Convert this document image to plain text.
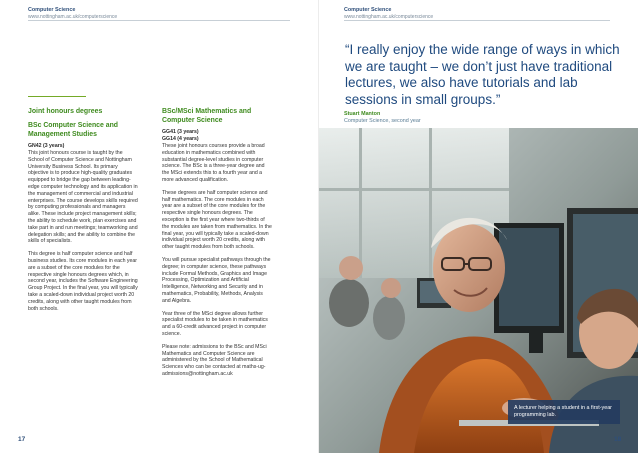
Computer Science
www.nottingham.ac.uk/computerscience
Computer Science
www.nottingham.ac.uk/computerscience
Joint honours degrees
BSc Computer Science and Management Studies
GN42 (3 years)

This joint honours course is taught by the School of Computer Science and Nottingham University Business School. Its primary objective is to produce high-quality graduates equipped to bridge the gap between leading-edge computer technology and its application in the management of commercial and industrial enterprises. The course develops skills required by computing professionals and managers alike. These include project management skills; the ability to schedule work, plan exercises and take part in and run meetings; teamworking and delegation skills; and the ability to combine the skills of specialists.

This degree is half computer science and half business studies. Its core modules in each year are a subset of the core modules for the respective single honours degrees which, in second year, includes the Software Engineering Group Project. In the final year, you will typically take a scaled-down individual project worth 20 credits, along with other taught modules from both schools.

BSc/MSci Mathematics and Computer Science
GG41 (3 years)
GG14 (4 years)

These joint honours courses provide a broad education in mathematics combined with substantial degree-level studies in computer science. The BSc is a three-year degree and the MSci extends this to a fourth year and a more advanced qualification.

These degrees are half computer science and half mathematics. The core modules in each year are a subset of the core modules for the respective single honours degrees. The exception is the first year where two-thirds of the modules are taken from mathematics. In the final year, you will typically take a scaled-down individual project worth 20 credits, along with other taught modules from both schools.

You will pursue specialist pathways through the degree; in computer science, these pathways include Formal Methods, Graphics and Image Processing, Optimization and Artificial Intelligence, Networking and Security and in mathematics, Probability, Methods, Analysis and Algebra.

Year three of the MSci degree allows further specialist modules to be taken in mathematics and a 60-credit advanced project in computer science.

Please note: admissions to the BSc and MSci Mathematics and Computer Science are administered by the School of Mathematical Sciences who can be contacted at maths-ug-admissions@nottingham.ac.uk

“I really enjoy the wide range of ways in which we are taught – we don’t just have traditional lectures, we also have tutorials and lab sessions in small groups.”
Stuart Manton
Computer Science, second year
A lecturer helping a student in a first-year programming lab.
17	18
